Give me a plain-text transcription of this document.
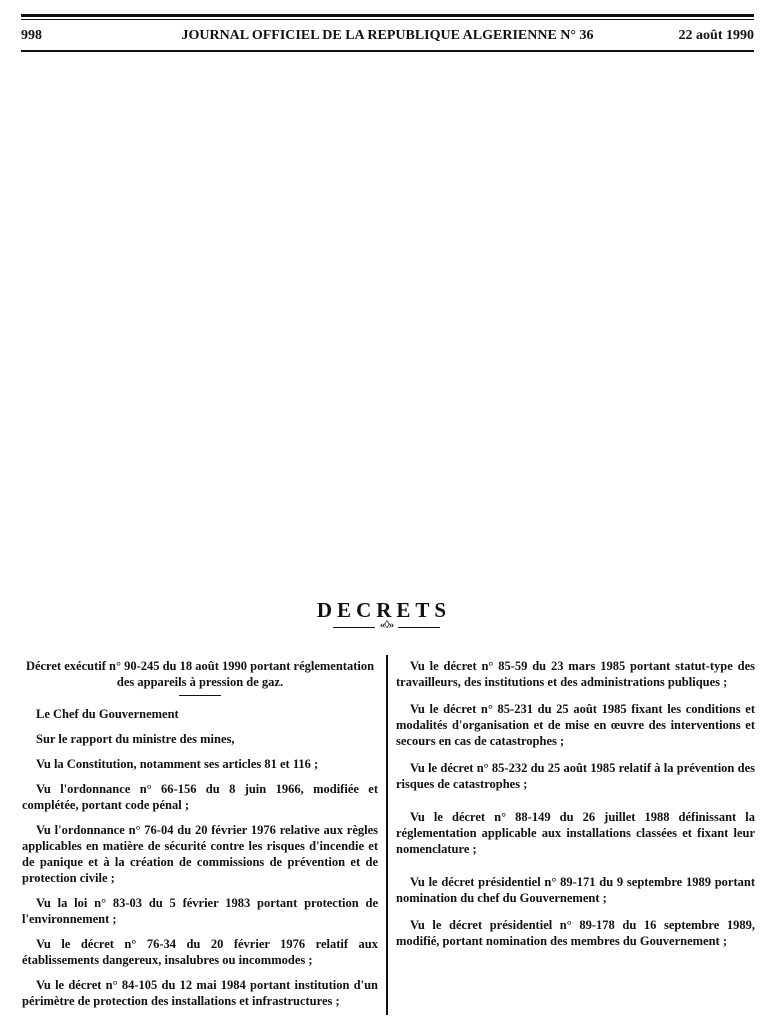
998	JOURNAL OFFICIEL DE LA REPUBLIQUE ALGERIENNE N° 36	22 août 1990
DECRETS
«◊»

Décret exécutif n° 90-245 du 18 août 1990 portant réglementation des appareils à pression de gaz.

Le Chef du Gouvernement

Sur le rapport du ministre des mines,

Vu la Constitution, notamment ses articles 81 et 116 ;

Vu l'ordonnance n° 66-156 du 8 juin 1966, modifiée et complétée, portant code pénal ;

Vu l'ordonnance n° 76-04 du 20 février 1976 relative aux règles applicables en matière de sécurité contre les risques d'incendie et de panique et à la création de commissions de prévention et de protection civile ;

Vu la loi n° 83-03 du 5 février 1983 portant protection de l'environnement ;

Vu le décret n° 76-34 du 20 février 1976 relatif aux établissements dangereux, insalubres ou incommodes ;

Vu le décret n° 84-105 du 12 mai 1984 portant institution d'un périmètre de protection des installations et infrastructures ;

Vu le décret n° 85-59 du 23 mars 1985 portant statut-type des travailleurs, des institutions et des administrations publiques ;

Vu le décret n° 85-231 du 25 août 1985 fixant les conditions et modalités d'organisation et de mise en œuvre des interventions et secours en cas de catastrophes ;

Vu le décret n° 85-232 du 25 août 1985 relatif à la prévention des risques de catastrophes ;

Vu le décret n° 88-149 du 26 juillet 1988 définissant la réglementation applicable aux installations classées et fixant leur nomenclature ;

Vu le décret présidentiel n° 89-171 du 9 septembre 1989 portant nomination du chef du Gouvernement ;

Vu le décret présidentiel n° 89-178 du 16 septembre 1989, modifié, portant nomination des membres du Gouvernement ;
